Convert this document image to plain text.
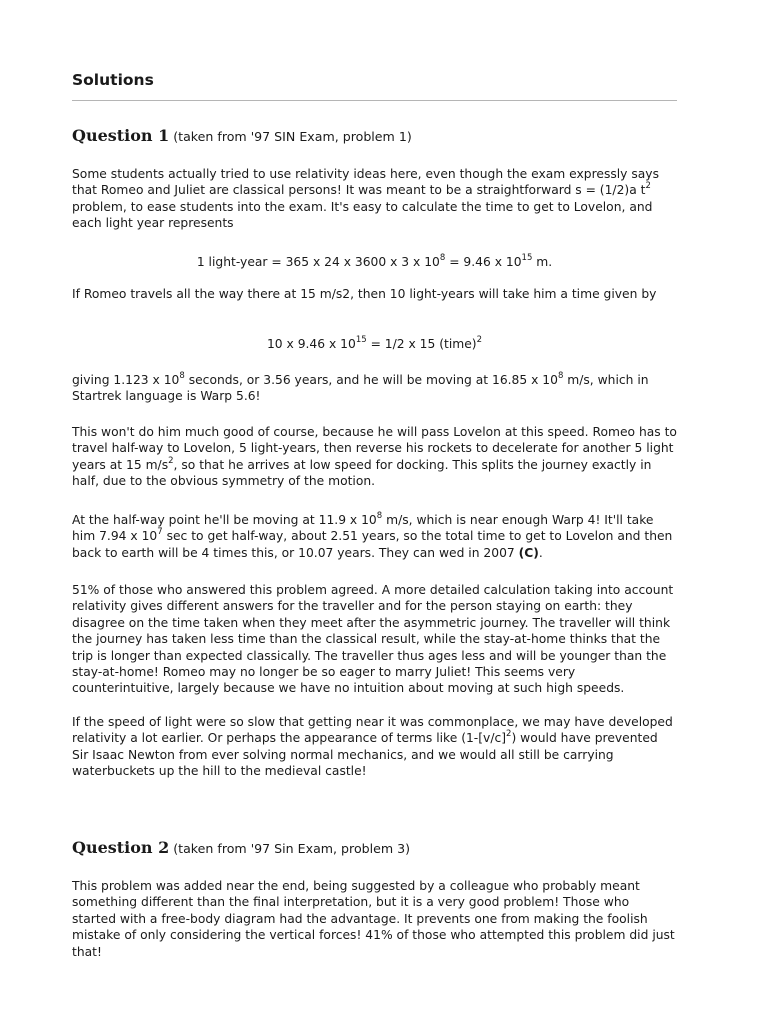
Solutions
Question 1 (taken from '97 SIN Exam, problem 1)

Some students actually tried to use relativity ideas here, even though the exam expressly says that Romeo and Juliet are classical persons! It was meant to be a straightforward s = (1/2)a $t^2$ problem, to ease students into the exam. It's easy to calculate the time to get to Lovelon, and each light year represents

1 light-year = 365 x 24 x 3600 x 3 x $10^8 = 9.46$ x $10^{15}$ m.

If Romeo travels all the way there at 15 m/s2, then 10 light-years will take him a time given by

10 x 9.46 x $10^{15} = 1/2$ x 15 (time)$^2$

giving 1.123 x $10^8$ seconds, or 3.56 years, and he will be moving at 16.85 x $10^8$ m/s, which in Startrek language is Warp 5.6!

This won't do him much good of course, because he will pass Lovelon at this speed. Romeo has to travel half-way to Lovelon, 5 light-years, then reverse his rockets to decelerate for another 5 light years at 15 $m/s^2$, so that he arrives at low speed for docking. This splits the journey exactly in half, due to the obvious symmetry of the motion.

At the half-way point he'll be moving at 11.9 x $10^8$ m/s, which is near enough Warp 4! It'll take him 7.94 x $10^7$ sec to get half-way, about 2.51 years, so the total time to get to Lovelon and then back to earth will be 4 times this, or 10.07 years. They can wed in 2007 (C).

51% of those who answered this problem agreed. A more detailed calculation taking into account relativity gives different answers for the traveller and for the person staying on earth: they disagree on the time taken when they meet after the asymmetric journey. The traveller will think the journey has taken less time than the classical result, while the stay-at-home thinks that the trip is longer than expected classically. The traveller thus ages less and will be younger than the stay-at-home! Romeo may no longer be so eager to marry Juliet! This seems very counterintuitive, largely because we have no intuition about moving at such high speeds.

If the speed of light were so slow that getting near it was commonplace, we may have developed relativity a lot earlier. Or perhaps the appearance of terms like $(1-[v/c]^2)$ would have prevented Sir Isaac Newton from ever solving normal mechanics, and we would all still be carrying waterbuckets up the hill to the medieval castle!

Question 2 (taken from '97 Sin Exam, problem 3)

This problem was added near the end, being suggested by a colleague who probably meant something different than the final interpretation, but it is a very good problem! Those who started with a free-body diagram had the advantage. It prevents one from making the foolish mistake of only considering the vertical forces! 41% of those who attempted this problem did just that!
